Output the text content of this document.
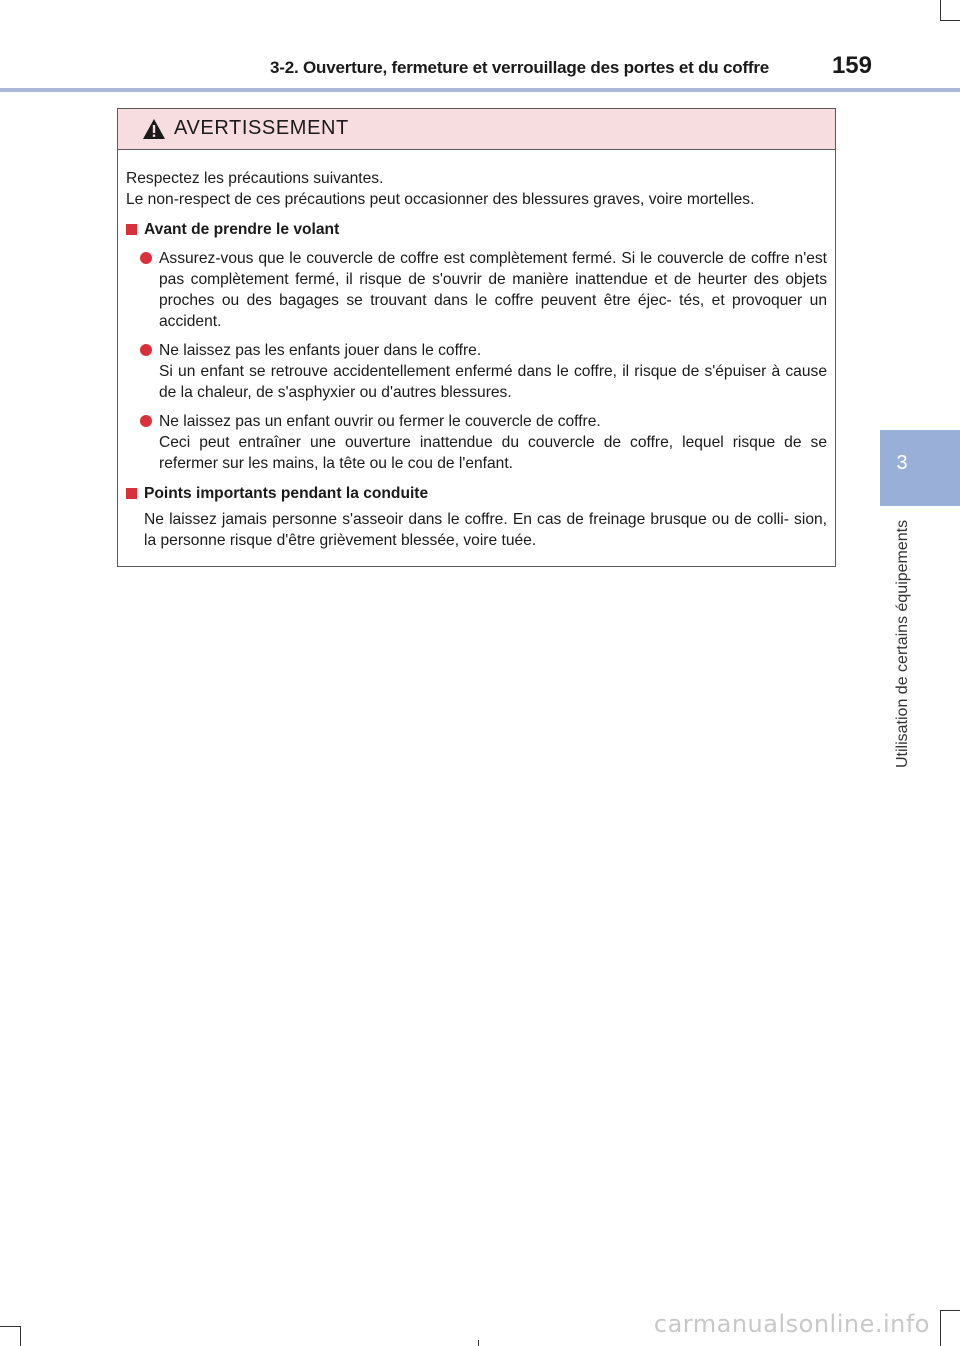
3-2. Ouverture, fermeture et verrouillage des portes et du coffre	159
3
Utilisation de certains équipements
AVERTISSEMENT

Respectez les précautions suivantes.

Le non-respect de ces précautions peut occasionner des blessures graves, voire mortelles.

Avant de prendre le volant
Assurez-vous que le couvercle de coffre est complètement fermé. Si le couvercle de coffre n'est pas complètement fermé, il risque de s'ouvrir de manière inattendue et de heurter des objets proches ou des bagages se trouvant dans le coffre peuvent être éjec- tés, et provoquer un accident.
Ne laissez pas les enfants jouer dans le coffre.
Si un enfant se retrouve accidentellement enfermé dans le coffre, il risque de s'épuiser à cause de la chaleur, de s'asphyxier ou d'autres blessures.
Ne laissez pas un enfant ouvrir ou fermer le couvercle de coffre.
Ceci peut entraîner une ouverture inattendue du couvercle de coffre, lequel risque de se refermer sur les mains, la tête ou le cou de l'enfant.
Points importants pendant la conduite
Ne laissez jamais personne s'asseoir dans le coffre. En cas de freinage brusque ou de colli- sion, la personne risque d'être grièvement blessée, voire tuée.
carmanualsonline.info
